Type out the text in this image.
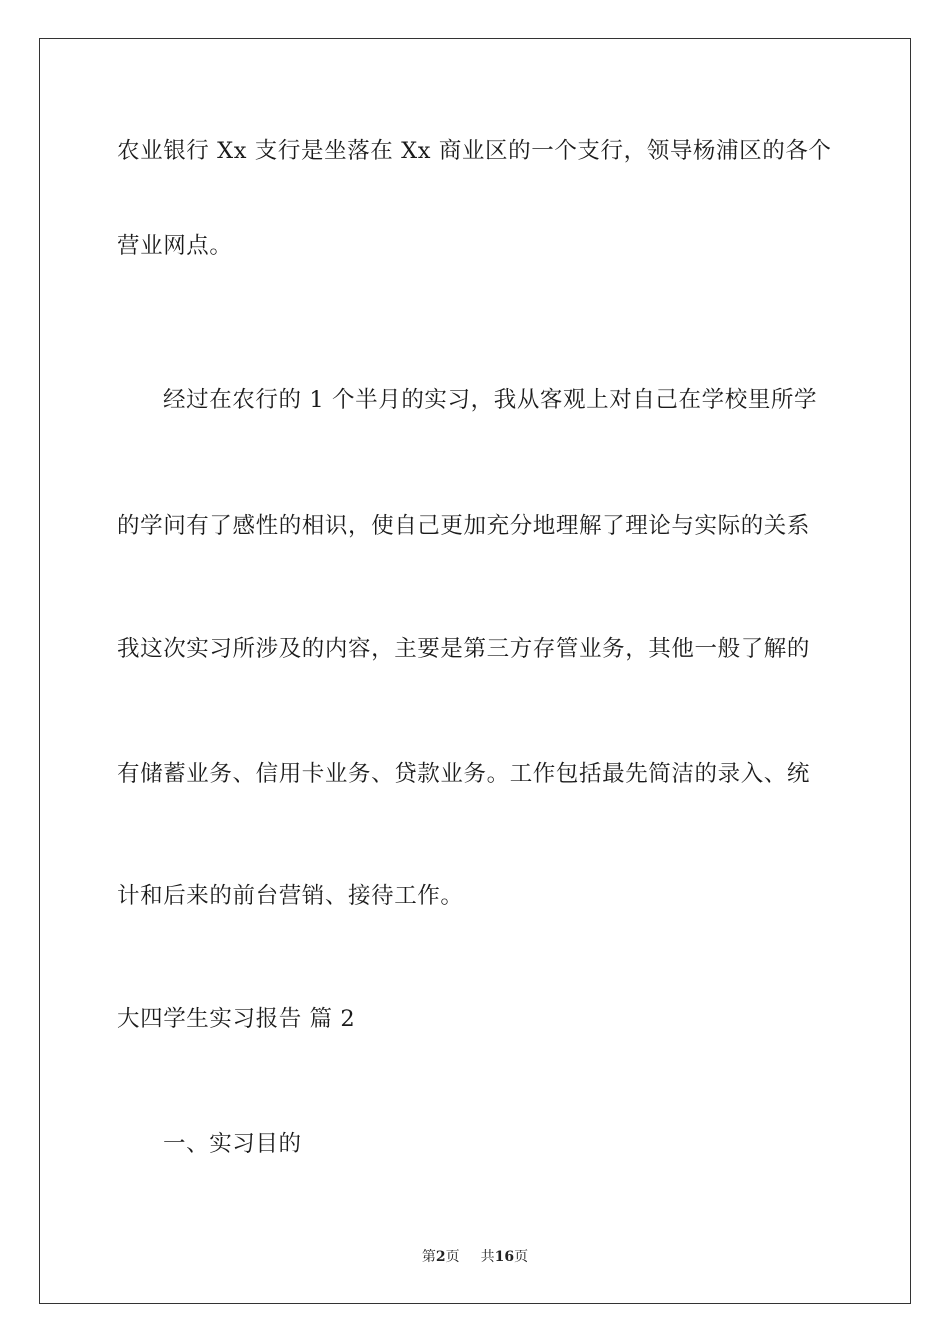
农业银行 Xx 支行是坐落在 Xx 商业区的一个支行，领导杨浦区的各个
营业网点。
经过在农行的 1 个半月的实习，我从客观上对自己在学校里所学
的学问有了感性的相识，使自己更加充分地理解了理论与实际的关系
我这次实习所涉及的内容，主要是第三方存管业务，其他一般了解的
有储蓄业务、信用卡业务、贷款业务。工作包括最先简洁的录入、统
计和后来的前台营销、接待工作。
大四学生实习报告 篇 2
一、实习目的
第2页 共16页
